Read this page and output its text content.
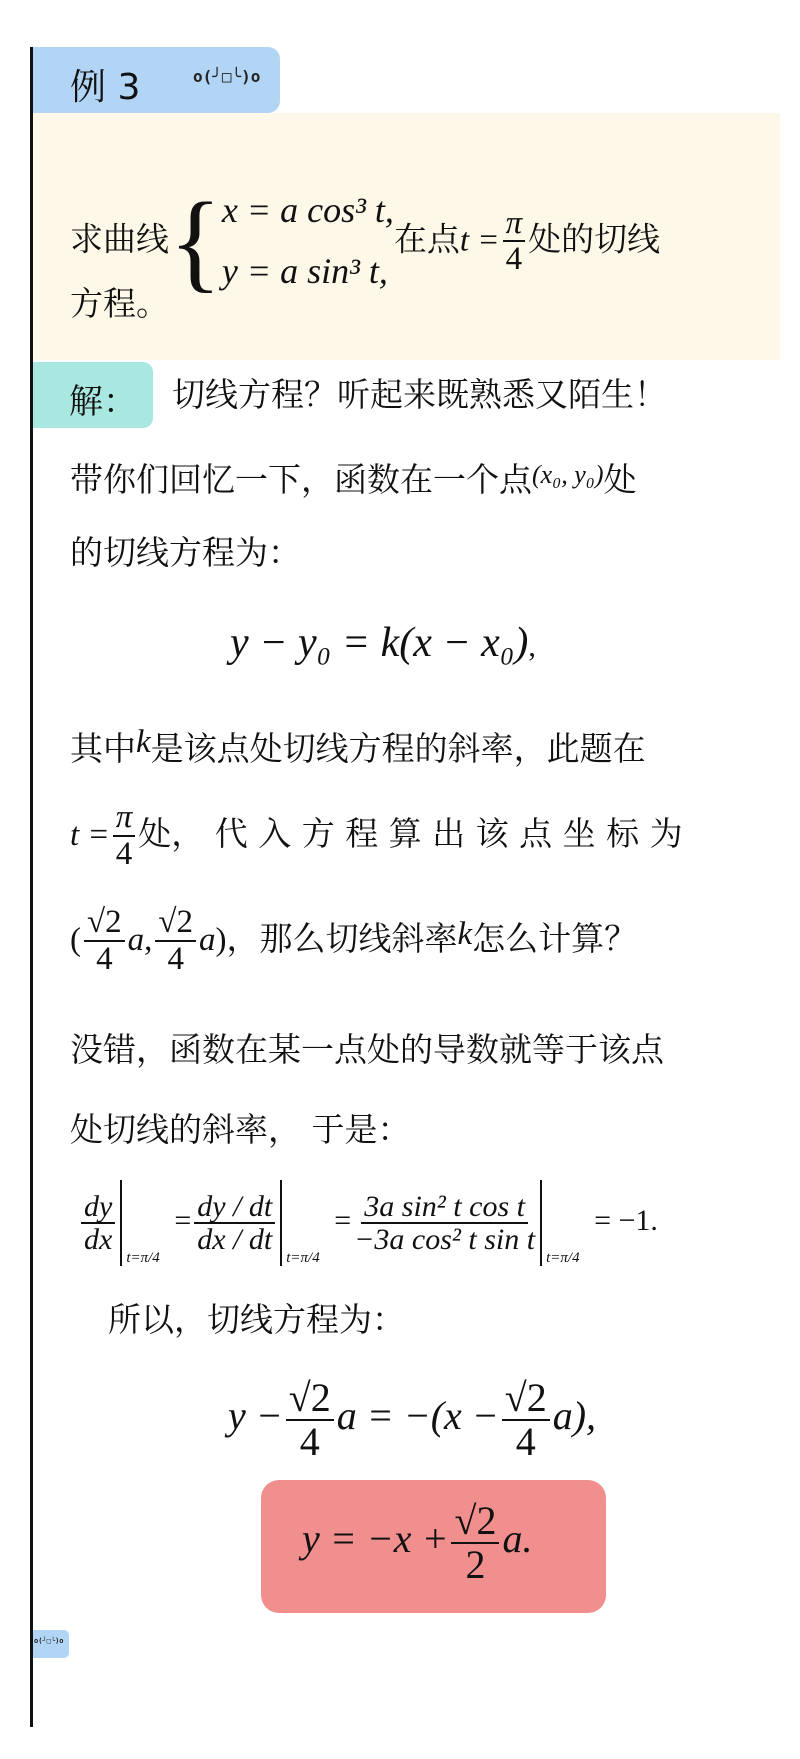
例 3	o(╯□╰)o
求曲线{ x = a cos³ t,
y = a sin³ t,
在点$t = \frac{\pi}{4}$ 处的切线
方程。
解： 切线方程？听起来既熟悉又陌生！
带你们回忆一下，函数在一个点$^{(x_0, y_0)}$处
的切线方程为：
y − y₀ = k(x − x₀),
其中k是该点处切线方程的斜率，此题在
$t = \frac{\pi}{4}$ 处， 代 入 方 程 算 出 该 点 坐 标 为
( $\frac{√2}{4} a$, $\frac{√2}{4} a$)，那么切线斜率k怎么计算？
没错，函数在某一点处的导数就等于该点
处切线的斜率， 于是：
$\frac{dy}{dx}$
t=π/4
= $\frac{dy / dt}{dx / dt}$
t=π/4
= $\frac{\text{3a sin² t cos t}}{\text{−3a cos² t sin t}}$
t=π/4
= −1.
所以，切线方程为：
$y - \frac{√2}{4}$ $a = -(x - \frac{√2}{4} a)$,
$y = -x + \frac{√2}{2} a$.
o(╯□╰)o
